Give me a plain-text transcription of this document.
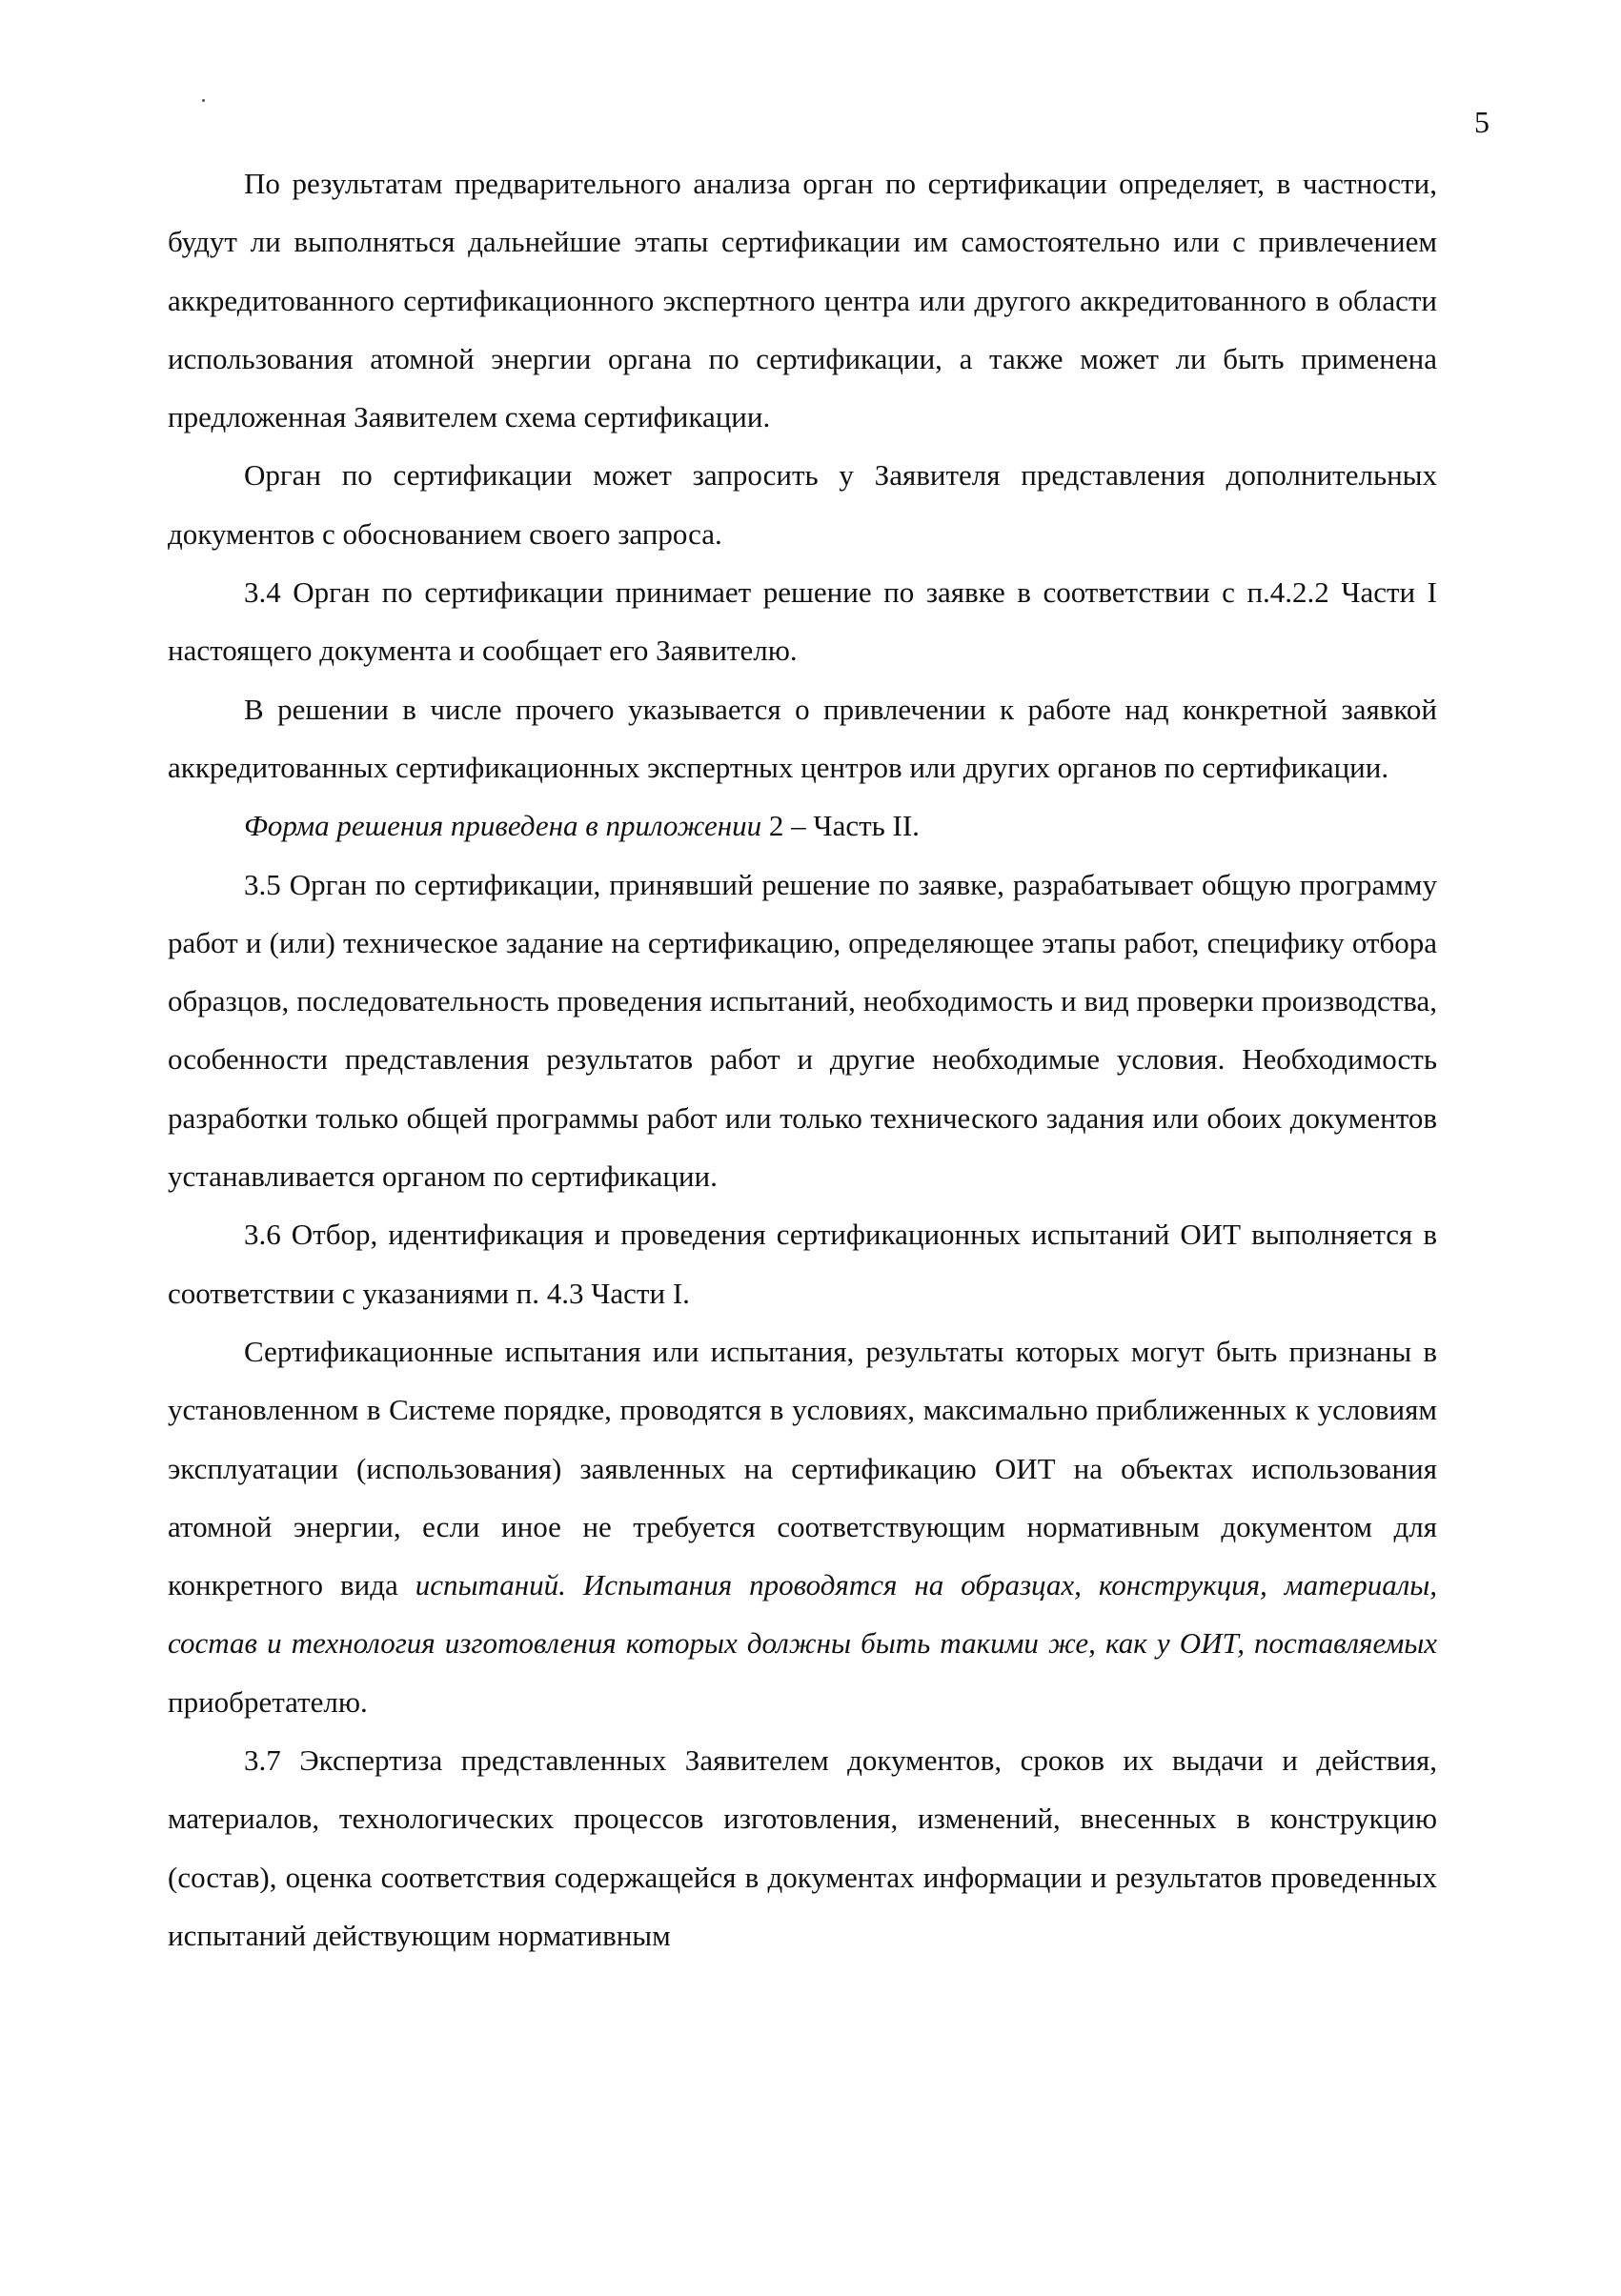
5

По результатам предварительного анализа орган по сертификации определяет, в частности, будут ли выполняться дальнейшие этапы сертификации им самостоятельно или с привлечением аккредитованного сертификационного экспертного центра или другого аккредитованного в области использования атомной энергии органа по сертификации, а также может ли быть применена предложенная Заявителем схема сертификации.

Орган по сертификации может запросить у Заявителя представления дополнительных документов с обоснованием своего запроса.

3.4 Орган по сертификации принимает решение по заявке в соответствии с п.4.2.2 Части I настоящего документа и сообщает его Заявителю.

В решении в числе прочего указывается о привлечении к работе над конкретной заявкой аккредитованных сертификационных экспертных центров или других органов по сертификации.

Форма решения приведена в приложении 2 – Часть II.

3.5 Орган по сертификации, принявший решение по заявке, разрабатывает общую программу работ и (или) техническое задание на сертификацию, определяющее этапы работ, специфику отбора образцов, последовательность проведения испытаний, необходимость и вид проверки производства, особенности представления результатов работ и другие необходимые условия. Необходимость разработки только общей программы работ или только технического задания или обоих документов устанавливается органом по сертификации.

3.6 Отбор, идентификация и проведения сертификационных испытаний ОИТ выполняется в соответствии с указаниями п. 4.3 Части I.

Сертификационные испытания или испытания, результаты которых могут быть признаны в установленном в Системе порядке, проводятся в условиях, максимально приближенных к условиям эксплуатации (использования) заявленных на сертификацию ОИТ на объектах использования атомной энергии, если иное не требуется соответствующим нормативным документом для конкретного вида испытаний. Испытания проводятся на образцах, конструкция, материалы, состав и технология изготовления которых должны быть такими же, как у ОИТ, поставляемых приобретателю.

3.7 Экспертиза представленных Заявителем документов, сроков их выдачи и действия, материалов, технологических процессов изготовления, изменений, внесенных в конструкцию (состав), оценка соответствия содержащейся в документах информации и результатов проведенных испытаний действующим нормативным
